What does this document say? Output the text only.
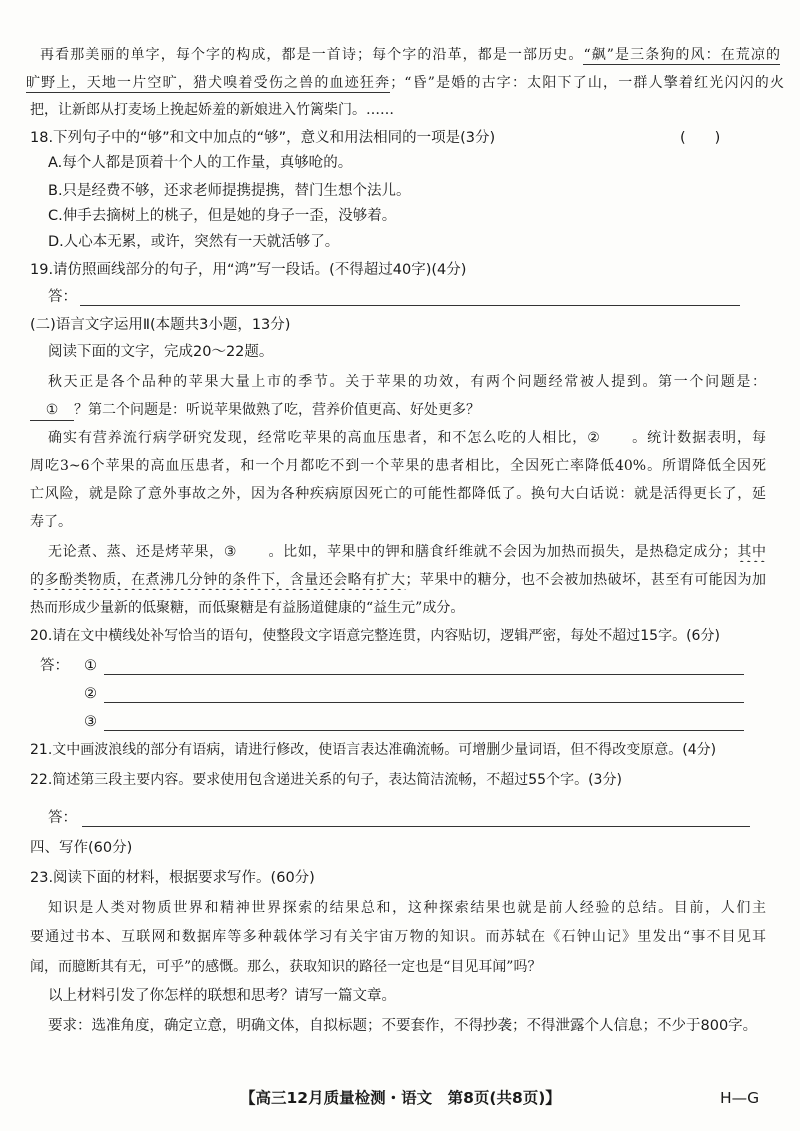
再看那美丽的单字，每个字的构成，都是一首诗；每个字的沿革，都是一部历史。“飙”是三条狗的风：在荒凉的
旷野上，天地一片空旷，猎犬嗅着受伤之兽的血迹狂奔；“昏”是婚的古字：太阳下了山，一群人擎着红光闪闪的火
把，让新郎从打麦场上挽起娇羞的新娘进入竹篱柴门。……
18.下列句子中的“够”和文中加点的“够”，意义和用法相同的一项是(3分)	(　　)
A.每个人都是顶着十个人的工作量，真够呛的。
B.只是经费不够，还求老师提携提携，替门生想个法儿。
C.伸手去摘树上的桃子，但是她的身子一歪，没够着。
D.人心本无累，或许，突然有一天就活够了。
19.请仿照画线部分的句子，用“鸿”写一段话。(不得超过40字)(4分)
答：
(二)语言文字运用Ⅱ(本题共3小题，13分)
阅读下面的文字，完成20～22题。
秋天正是各个品种的苹果大量上市的季节。关于苹果的功效，有两个问题经常被人提到。第一个问题是：
① ？第二个问题是：听说苹果做熟了吃，营养价值更高、好处更多？
确实有营养流行病学研究发现，经常吃苹果的高血压患者，和不怎么吃的人相比，② 。统计数据表明，每
周吃3~6个苹果的高血压患者，和一个月都吃不到一个苹果的患者相比，全因死亡率降低40%。所谓降低全因死
亡风险，就是除了意外事故之外，因为各种疾病原因死亡的可能性都降低了。换句大白话说：就是活得更长了，延
寿了。
无论煮、蒸、还是烤苹果，③ 。比如，苹果中的钾和膳食纤维就不会因为加热而损失，是热稳定成分；其中
的多酚类物质，在煮沸几分钟的条件下，含量还会略有扩大；苹果中的糖分，也不会被加热破坏，甚至有可能因为加
热而形成少量新的低聚糖，而低聚糖是有益肠道健康的“益生元”成分。
20.请在文中横线处补写恰当的语句，使整段文字语意完整连贯，内容贴切，逻辑严密，每处不超过15字。(6分)
答： ①
②
③
21.文中画波浪线的部分有语病，请进行修改，使语言表达准确流畅。可增删少量词语，但不得改变原意。(4分)
22.简述第三段主要内容。要求使用包含递进关系的句子，表达简洁流畅，不超过55个字。(3分)
答：
四、写作(60分)
23.阅读下面的材料，根据要求写作。(60分)
知识是人类对物质世界和精神世界探索的结果总和，这种探索结果也就是前人经验的总结。目前，人们主
要通过书本、互联网和数据库等多种载体学习有关宇宙万物的知识。而苏轼在《石钟山记》里发出“事不目见耳
闻，而臆断其有无，可乎”的感慨。那么，获取知识的路径一定也是“目见耳闻”吗？
以上材料引发了你怎样的联想和思考？请写一篇文章。
要求：选准角度，确定立意，明确文体，自拟标题；不要套作，不得抄袭；不得泄露个人信息；不少于800字。
【高三12月质量检测・语文　第8页(共8页)】	H—G
